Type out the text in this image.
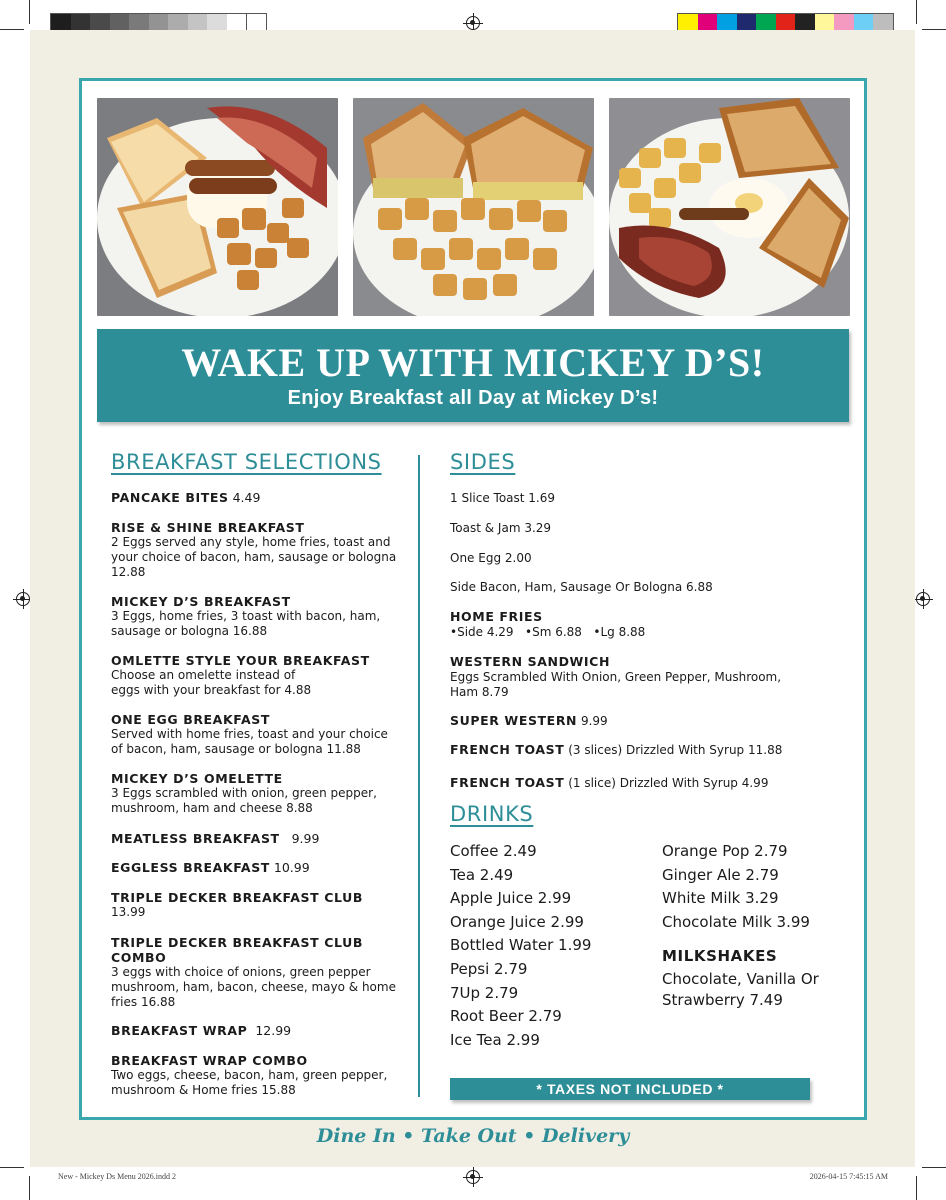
WAKE UP WITH MICKEY D’S!
Enjoy Breakfast all Day at Mickey D’s!
BREAKFAST SELECTIONS
PANCAKE BITES 4.49
RISE & SHINE BREAKFAST
2 Eggs served any style, home fries, toast and
your choice of bacon, ham, sausage or bologna
12.88
MICKEY D’S BREAKFAST
3 Eggs, home fries, 3 toast with bacon, ham,
sausage or bologna 16.88
OMLETTE STYLE YOUR BREAKFAST
Choose an omelette instead of
eggs with your breakfast for 4.88
ONE EGG BREAKFAST
Served with home fries, toast and your choice
of bacon, ham, sausage or bologna 11.88
MICKEY D’S OMELETTE
3 Eggs scrambled with onion, green pepper,
mushroom, ham and cheese 8.88
MEATLESS BREAKFAST 9.99
EGGLESS BREAKFAST 10.99
TRIPLE DECKER BREAKFAST CLUB
13.99
TRIPLE DECKER BREAKFAST CLUB
COMBO
3 eggs with choice of onions, green pepper
mushroom, ham, bacon, cheese, mayo & home
fries 16.88
BREAKFAST WRAP 12.99
BREAKFAST WRAP COMBO
Two eggs, cheese, bacon, ham, green pepper,
mushroom & Home fries 15.88
SIDES
1 Slice Toast 1.69
Toast & Jam 3.29
One Egg 2.00
Side Bacon, Ham, Sausage Or Bologna 6.88
HOME FRIES
•Side 4.29   •Sm 6.88   •Lg 8.88
WESTERN SANDWICH
Eggs Scrambled With Onion, Green Pepper, Mushroom,
Ham 8.79
SUPER WESTERN 9.99
FRENCH TOAST (3 slices) Drizzled With Syrup 11.88
FRENCH TOAST (1 slice) Drizzled With Syrup 4.99
DRINKS
Coffee 2.49
Tea 2.49
Apple Juice 2.99
Orange Juice 2.99
Bottled Water 1.99
Pepsi 2.79
7Up 2.79
Root Beer 2.79
Ice Tea 2.99
Orange Pop 2.79
Ginger Ale 2.79
White Milk 3.29
Chocolate Milk 3.99
MILKSHAKES
Chocolate, Vanilla Or Strawberry 7.49
* TAXES NOT INCLUDED *
Dine In • Take Out • Delivery
New - Mickey Ds Menu 2026.indd 2	2026-04-15 7:45:15 AM
